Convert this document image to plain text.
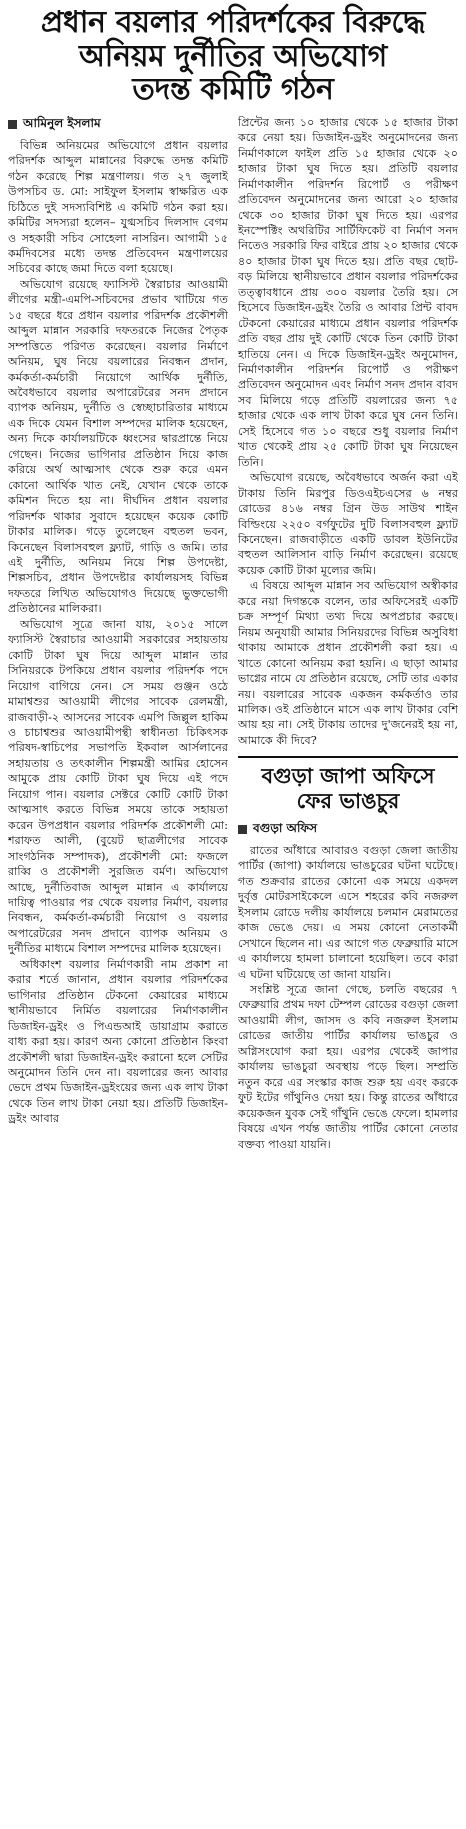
প্রধান বয়লার পরিদর্শকের বিরুদ্ধে
অনিয়ম দুর্নীতির অভিযোগ
তদন্ত কমিটি গঠন
আমিনুল ইসলাম

বিভিন্ন অনিয়মের অভিযোগে প্রধান বয়লার পরিদর্শক আব্দুল মান্নানের বিরুদ্ধে তদন্ত কমিটি গঠন করেছে শিল্প মন্ত্রণালয়। গত ২৭ জুলাই উপসচিব ড. মো: সাইফুল ইসলাম স্বাক্ষরিত এক চিঠিতে দুই সদস্যবিশিষ্ট এ কমিটি গঠন করা হয়। কমিটির সদস্যরা হলেন– যুগ্মসচিব দিলসাদ বেগম ও সহকারী সচিব সোহেলা নাসরিন। আগামী ১৫ কর্মদিবসের মধ্যে তদন্ত প্রতিবেদন মন্ত্রণালয়ের সচিবের কাছে জমা দিতে বলা হয়েছে।

অভিযোগ রয়েছে ফ্যাসিস্ট স্বৈরাচার আওয়ামী লীগের মন্ত্রী-এমপি-সচিবদের প্রভাব খাটিয়ে গত ১৫ বছরে ধরে প্রধান বয়লার পরিদর্শক প্রকৌশলী আব্দুল মান্নান সরকারি দফতরকে নিজের পৈতৃক সম্পত্তিতে পরিণত করেছেন। বয়লার নির্মাণে অনিয়ম, ঘুষ নিয়ে বয়লারের নিবন্ধন প্রদান, কর্মকর্তা-কর্মচারী নিয়োগে আর্থিক দুর্নীতি, অবৈধভাবে বয়লার অপারেটরের সনদ প্রদানে ব্যাপক অনিয়ম, দুর্নীতি ও স্বেচ্ছাচারিতার মাধ্যমে এক দিকে যেমন বিশাল সম্পদের মালিক হয়েছেন, অন্য দিকে কার্যালয়টিকে ধ্বংসের দ্বারপ্রান্তে নিয়ে গেছেন। নিজের ভাগিনার প্রতিষ্ঠান দিয়ে কাজ করিয়ে অর্থ আত্মসাৎ থেকে শুরু করে এমন কোনো আর্থিক খাত নেই, যেখান থেকে তাকে কমিশন দিতে হয় না। দীর্ঘদিন প্রধান বয়লার পরিদর্শক থাকার সুবাদে হয়েছেন কয়েক কোটি টাকার মালিক। গড়ে তুলেছেন বহুতল ভবন, কিনেছেন বিলাসবহুল ফ্ল্যাট, গাড়ি ও জমি। তার এই দুর্নীতি, অনিয়ম নিয়ে শিল্প উপদেষ্টা, শিল্পসচিব, প্রধান উপদেষ্টার কার্যালয়সহ বিভিন্ন দফতরে লিখিত অভিযোগও দিয়েছে ভুক্তভোগী প্রতিষ্ঠানের মালিকরা।

অভিযোগ সূত্রে জানা যায়, ২০১৫ সালে ফ্যাসিস্ট স্বৈরাচার আওয়ামী সরকারের সহায়তায় কোটি টাকা ঘুষ দিয়ে আব্দুল মান্নান তার সিনিয়রকে টপকিয়ে প্রধান বয়লার পরিদর্শক পদে নিয়োগ বাগিয়ে নেন। সে সময় গুঞ্জন ওঠে মামাশ্বশুর আওয়ামী লীগের সাবেক রেলমন্ত্রী, রাজবাড়ী-২ আসনের সাবেক এমপি জিল্লুল হাকিম ও চাচাশ্বশুর আওয়ামীপন্থী স্বাধীনতা চিকিৎসক পরিষদ-স্বাচিপের সভাপতি ইকবাল আর্সলানের সহায়তায় ও তৎকালীন শিল্পমন্ত্রী আমির হোসেন আমুকে প্রায় কোটি টাকা ঘুষ দিয়ে এই পদে নিয়োগ পান। বয়লার সেক্টরে কোটি কোটি টাকা আত্মসাৎ করতে বিভিন্ন সময়ে তাকে সহায়তা করেন উপপ্রধান বয়লার পরিদর্শক প্রকৌশলী মো: শরাফত আলী, (বুয়েট ছাত্রলীগের সাবেক সাংগঠনিক সম্পাদক), প্রকৌশলী মো: ফজলে রাব্বি ও প্রকৌশলী সুরজিত বর্মণ। অভিযোগ আছে, দুর্নীতিবাজ আব্দুল মান্নান এ কার্যালয়ে দায়িত্ব পাওয়ার পর থেকে বয়লার নির্মাণ, বয়লার নিবন্ধন, কর্মকর্তা-কর্মচারী নিয়োগ ও বয়লার অপারেটরের সনদ প্রদানে ব্যাপক অনিয়ম ও দুর্নীতির মাধ্যমে বিশাল সম্পদের মালিক হয়েছেন।

অধিকাংশ বয়লার নির্মাণকারী নাম প্রকাশ না করার শর্তে জানান, প্রধান বয়লার পরিদর্শকের ভাগিনার প্রতিষ্ঠান টেকনো কেয়ারের মাধ্যমে স্থানীয়ভাবে নির্মিত বয়লারের নির্মাণকালীন ডিজাইন-ড্রইং ও পিএন্ডআই ডায়াগ্রাম করাতে বাধ্য করা হয়। কারণ অন্য কোনো প্রতিষ্ঠান কিংবা প্রকৌশলী দ্বারা ডিজাইন-ড্রইং করানো হলে সেটির অনুমোদন তিনি দেন না। বয়লারের জন্য আবার ভেদে প্রথম ডিজাইন-ড্রইংয়ের জন্য এক লাখ টাকা থেকে তিন লাখ টাকা নেয়া হয়। প্রতিটি ডিজাইন-ড্রইং আবার

প্রিন্টের জন্য ১০ হাজার থেকে ১৫ হাজার টাকা করে নেয়া হয়। ডিজাইন-ড্রইং অনুমোদনের জন্য নির্মাণকালে ফাইল প্রতি ১৫ হাজার থেকে ২০ হাজার টাকা ঘুষ দিতে হয়। প্রতিটি বয়লার নির্মাণকালীন পরিদর্শন রিপোর্ট ও পরীক্ষণ প্রতিবেদন অনুমোদনের জন্য আরো ২০ হাজার থেকে ৩০ হাজার টাকা ঘুষ দিতে হয়। এরপর ইনস্পেক্টিং অথরিটির সার্টিফিকেট বা নির্মাণ সনদ নিতেও সরকারি ফির বাইরে প্রায় ২০ হাজার থেকে ৪০ হাজার টাকা ঘুষ দিতে হয়। প্রতি বছর ছোট-বড় মিলিয়ে স্থানীয়ভাবে প্রধান বয়লার পরিদর্শকের তত্ত্বাবধানে প্রায় ৩০০ বয়লার তৈরি হয়। সে হিসেবে ডিজাইন-ড্রইং তৈরি ও আবার প্রিন্ট বাবদ টেকনো কেয়ারের মাধ্যমে প্রধান বয়লার পরিদর্শক প্রতি বছর প্রায় দুই কোটি থেকে তিন কোটি টাকা হাতিয়ে নেন। এ দিকে ডিজাইন-ড্রইং অনুমোদন, নির্মাণকালীন পরিদর্শন রিপোর্ট ও পরীক্ষণ প্রতিবেদন অনুমোদন এবং নির্মাণ সনদ প্রদান বাবদ সব মিলিয়ে গড়ে প্রতিটি বয়লারের জন্য ৭৫ হাজার থেকে এক লাখ টাকা করে ঘুষ নেন তিনি। সেই হিসেবে গত ১০ বছরে শুধু বয়লার নির্মাণ খাত থেকেই প্রায় ২৫ কোটি টাকা ঘুষ নিয়েছেন তিনি।

অভিযোগ রয়েছে, অবৈধভাবে অর্জন করা এই টাকায় তিনি মিরপুর ডিওএইচএসের ৬ নম্বর রোডের ৪১৬ নম্বর গ্রিন উড সাউথ শাইন বিল্ডিংয়ে ২২৫০ বর্গফুটের দুটি বিলাসবহুল ফ্ল্যাট কিনেছেন। রাজবাড়ীতে একটি ডাবল ইউনিটের বহুতল আলিসান বাড়ি নির্মাণ করেছেন। রয়েছে কয়েক কোটি টাকা মূল্যের জমি।

এ বিষয়ে আব্দুল মান্নান সব অভিযোগ অস্বীকার করে নয়া দিগন্তকে বলেন, তার অফিসেরই একটি চক্র সম্পূর্ণ মিথ্যা তথ্য দিয়ে অপপ্রচার করছে। নিয়ম অনুযায়ী আমার সিনিয়রদের বিভিন্ন অসুবিধা থাকায় আমাকে প্রধান প্রকৌশলী করা হয়। এ খাতে কোনো অনিয়ম করা হয়নি। এ ছাড়া আমার ভাগ্নের নামে যে প্রতিষ্ঠান রয়েছে, সেটি তার একার নয়। বয়লারের সাবেক একজন কর্মকর্তাও তার মালিক। ওই প্রতিষ্ঠানে মাসে এক লাখ টাকার বেশি আয় হয় না। সেই টাকায় তাদের দু'জনেরই হয় না, আমাকে কী দিবে?

বগুড়া জাপা অফিসে
ফের ভাঙচুর
বগুড়া অফিস

রাতের আঁধারে আবারও বগুড়া জেলা জাতীয় পার্টির (জাপা) কার্যালয়ে ভাঙচুরের ঘটনা ঘটেছে। গত শুক্রবার রাতের কোনো এক সময়ে একদল দুর্বৃত্ত মোটরসাইকেলে এসে শহরের কবি নজরুল ইসলাম রোডে দলীয় কার্যালয়ে চলমান মেরামতের কাজ ভেঙে দেয়। এ সময় কোনো নেতাকর্মী সেখানে ছিলেন না। এর আগে গত ফেব্রুয়ারি মাসে এ কার্যালয়ে হামলা চালানো হয়েছিল। তবে কারা এ ঘটনা ঘটিয়েছে তা জানা যায়নি।

সংশ্লিষ্ট সূত্রে জানা গেছে, চলতি বছরের ৭ ফেব্রুয়ারি প্রথম দফা টেম্পল রোডের বগুড়া জেলা আওয়ামী লীগ, জাসদ ও কবি নজরুল ইসলাম রোডের জাতীয় পার্টির কার্যালয় ভাঙচুর ও অগ্নিসংযোগ করা হয়। এরপর থেকেই জাপার কার্যালয় ভাঙচুরা অবস্থায় পড়ে ছিল। সম্প্রতি নতুন করে এর সংস্কার কাজ শুরু হয় এবং করকে ফুট ইটের গাঁথুনিও দেয়া হয়। কিন্তু রাতের আঁধারে কয়েকজন যুবক সেই গাঁথুনি ভেঙে ফেলে। হামলার বিষয়ে এখন পর্যন্ত জাতীয় পার্টির কোনো নেতার বক্তব্য পাওয়া যায়নি।
